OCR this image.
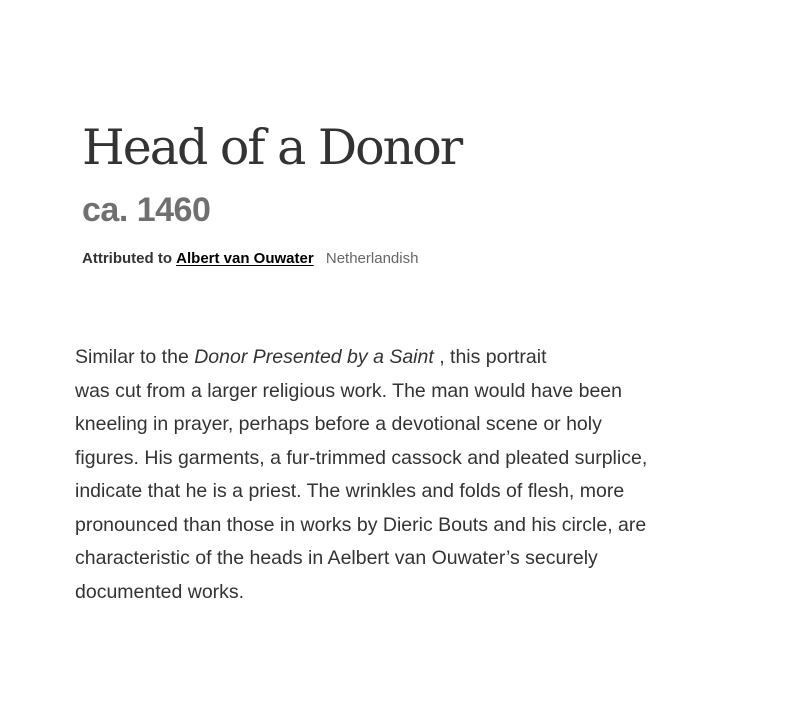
Head of a Donor
ca. 1460
Attributed to Albert van Ouwater Netherlandish

Similar to the Donor Presented by a Saint , this portrait
was cut from a larger religious work. The man would have been
kneeling in prayer, perhaps before a devotional scene or holy
figures. His garments, a fur-trimmed cassock and pleated surplice,
indicate that he is a priest. The wrinkles and folds of flesh, more
pronounced than those in works by Dieric Bouts and his circle, are
characteristic of the heads in Aelbert van Ouwater’s securely
documented works.
